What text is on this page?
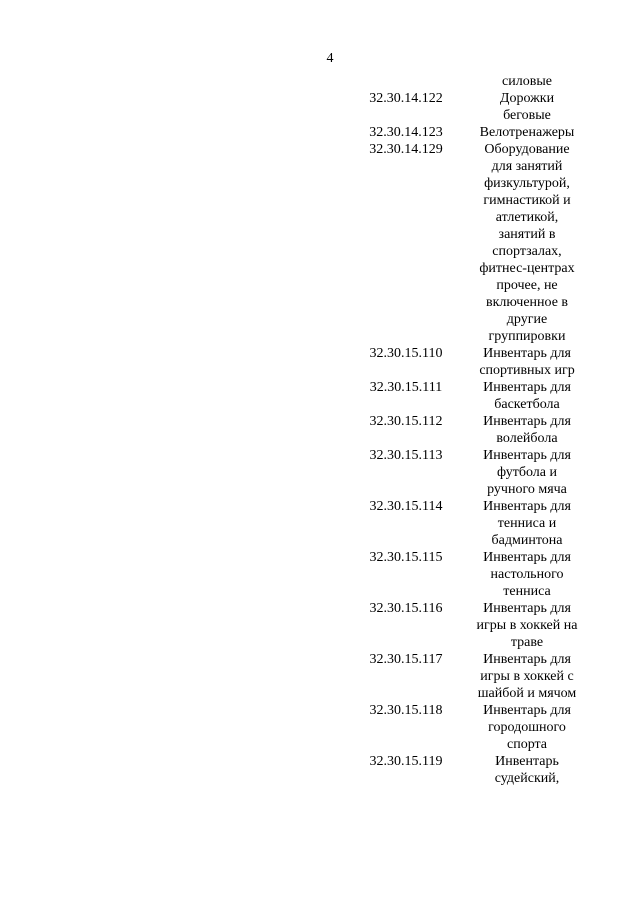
4
силовые
32.30.14.122	Дорожки
беговые
32.30.14.123	Велотренажеры
32.30.14.129	Оборудование
для занятий
физкультурой,
гимнастикой и
атлетикой,
занятий в
спортзалах,
фитнес-центрах
прочее, не
включенное в
другие
группировки
32.30.15.110	Инвентарь для
спортивных игр
32.30.15.111	Инвентарь для
баскетбола
32.30.15.112	Инвентарь для
волейбола
32.30.15.113	Инвентарь для
футбола и
ручного мяча
32.30.15.114	Инвентарь для
тенниса и
бадминтона
32.30.15.115	Инвентарь для
настольного
тенниса
32.30.15.116	Инвентарь для
игры в хоккей на
траве
32.30.15.117	Инвентарь для
игры в хоккей с
шайбой и мячом
32.30.15.118	Инвентарь для
городошного
спорта
32.30.15.119	Инвентарь
судейский,
